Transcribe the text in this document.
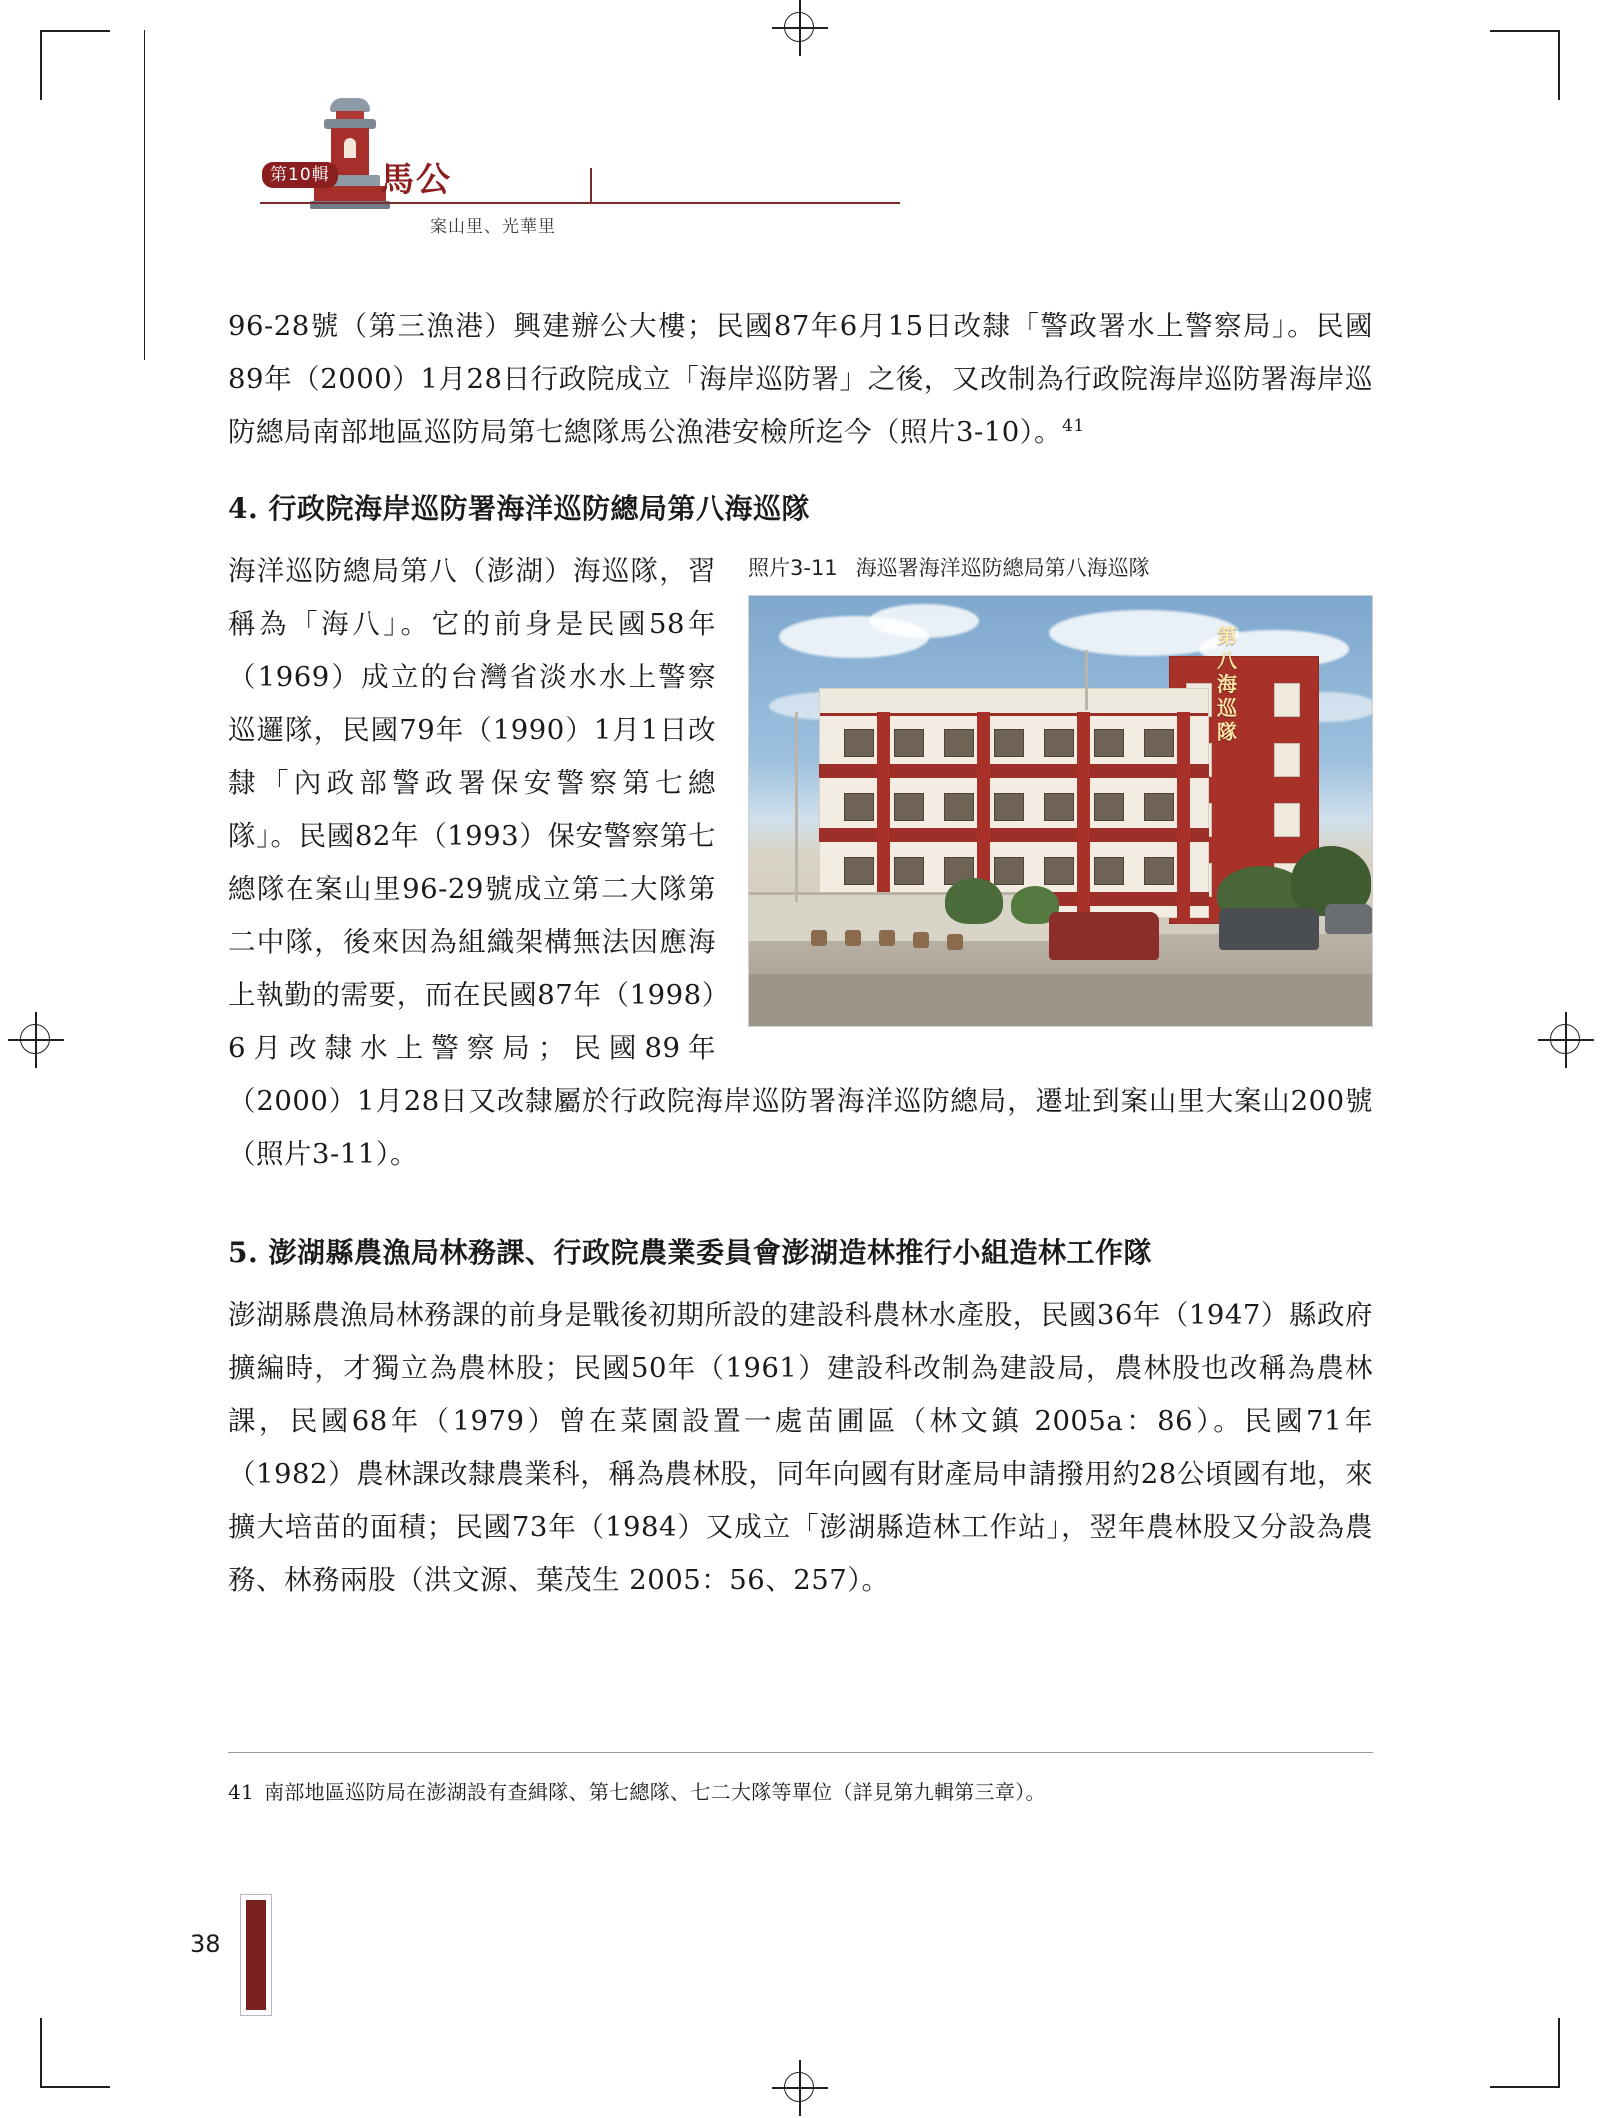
第10輯 馬公
案山里、光華里

96-28號（第三漁港）興建辦公大樓；民國87年6月15日改隸「警政署水上警察局」。民國89年（2000）1月28日行政院成立「海岸巡防署」之後，又改制為行政院海岸巡防署海岸巡防總局南部地區巡防局第七總隊馬公漁港安檢所迄今（照片3-10）。$^{41}$

4. 行政院海岸巡防署海洋巡防總局第八海巡隊
照片3-11 海巡署海洋巡防總局第八海巡隊
第八海巡隊

海洋巡防總局第八（澎湖）海巡隊，習稱為「海八」。它的前身是民國58年（1969）成立的台灣省淡水水上警察巡邏隊，民國79年（1990）1月1日改隸「內政部警政署保安警察第七總隊」。民國82年（1993）保安警察第七總隊在案山里96-29號成立第二大隊第二中隊，後來因為組織架構無法因應海上執勤的需要，而在民國87年（1998）6月改隸水上警察局；民國89年（2000）1月28日又改隸屬於行政院海岸巡防署海洋巡防總局，遷址到案山里大案山200號（照片3-11）。

5. 澎湖縣農漁局林務課、行政院農業委員會澎湖造林推行小組造林工作隊

澎湖縣農漁局林務課的前身是戰後初期所設的建設科農林水產股，民國36年（1947）縣政府擴編時，才獨立為農林股；民國50年（1961）建設科改制為建設局，農林股也改稱為農林課，民國68年（1979）曾在菜園設置一處苗圃區（林文鎮 2005a：86）。民國71年（1982）農林課改隸農業科，稱為農林股，同年向國有財產局申請撥用約28公頃國有地，來擴大培苗的面積；民國73年（1984）又成立「澎湖縣造林工作站」，翌年農林股又分設為農務、林務兩股（洪文源、葉茂生 2005：56、257）。

41 南部地區巡防局在澎湖設有查緝隊、第七總隊、七二大隊等單位（詳見第九輯第三章）。
38
